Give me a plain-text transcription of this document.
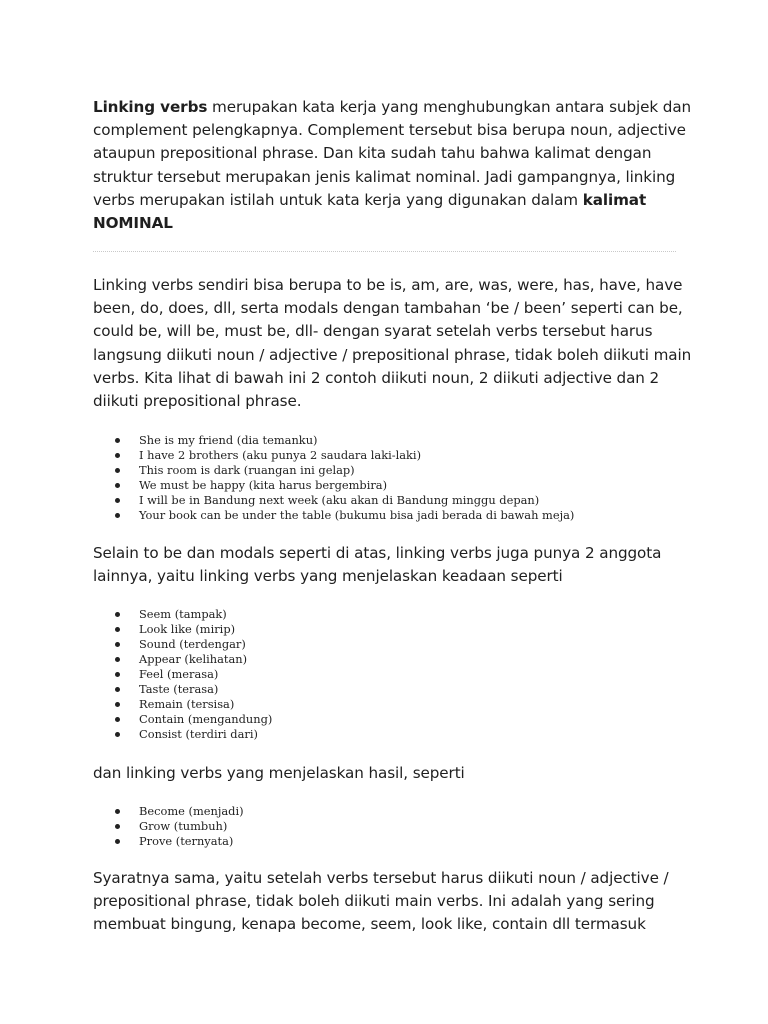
Linking verbs merupakan kata kerja yang menghubungkan antara subjek dan complement pelengkapnya. Complement tersebut bisa berupa noun, adjective ataupun prepositional phrase. Dan kita sudah tahu bahwa kalimat dengan struktur tersebut merupakan jenis kalimat nominal. Jadi gampangnya, linking verbs merupakan istilah untuk kata kerja yang digunakan dalam kalimat NOMINAL

Linking verbs sendiri bisa berupa to be is, am, are, was, were, has, have, have been, do, does, dll, serta modals dengan tambahan ‘be / been’ seperti can be, could be, will be, must be, dll- dengan syarat setelah verbs tersebut harus langsung diikuti noun / adjective / prepositional phrase, tidak boleh diikuti main verbs. Kita lihat di bawah ini 2 contoh diikuti noun, 2 diikuti adjective dan 2 diikuti prepositional phrase.

She is my friend (dia temanku)
I have 2 brothers (aku punya 2 saudara laki-laki)
This room is dark (ruangan ini gelap)
We must be happy (kita harus bergembira)
I will be in Bandung next week (aku akan di Bandung minggu depan)
Your book can be under the table (bukumu bisa jadi berada di bawah meja)

Selain to be dan modals seperti di atas, linking verbs juga punya 2 anggota lainnya, yaitu linking verbs yang menjelaskan keadaan seperti

Seem (tampak)
Look like (mirip)
Sound (terdengar)
Appear (kelihatan)
Feel (merasa)
Taste (terasa)
Remain (tersisa)
Contain (mengandung)
Consist (terdiri dari)

dan linking verbs yang menjelaskan hasil, seperti

Become (menjadi)
Grow (tumbuh)
Prove (ternyata)

Syaratnya sama, yaitu setelah verbs tersebut harus diikuti noun / adjective / prepositional phrase, tidak boleh diikuti main verbs. Ini adalah yang sering membuat bingung, kenapa become, seem, look like, contain dll termasuk
